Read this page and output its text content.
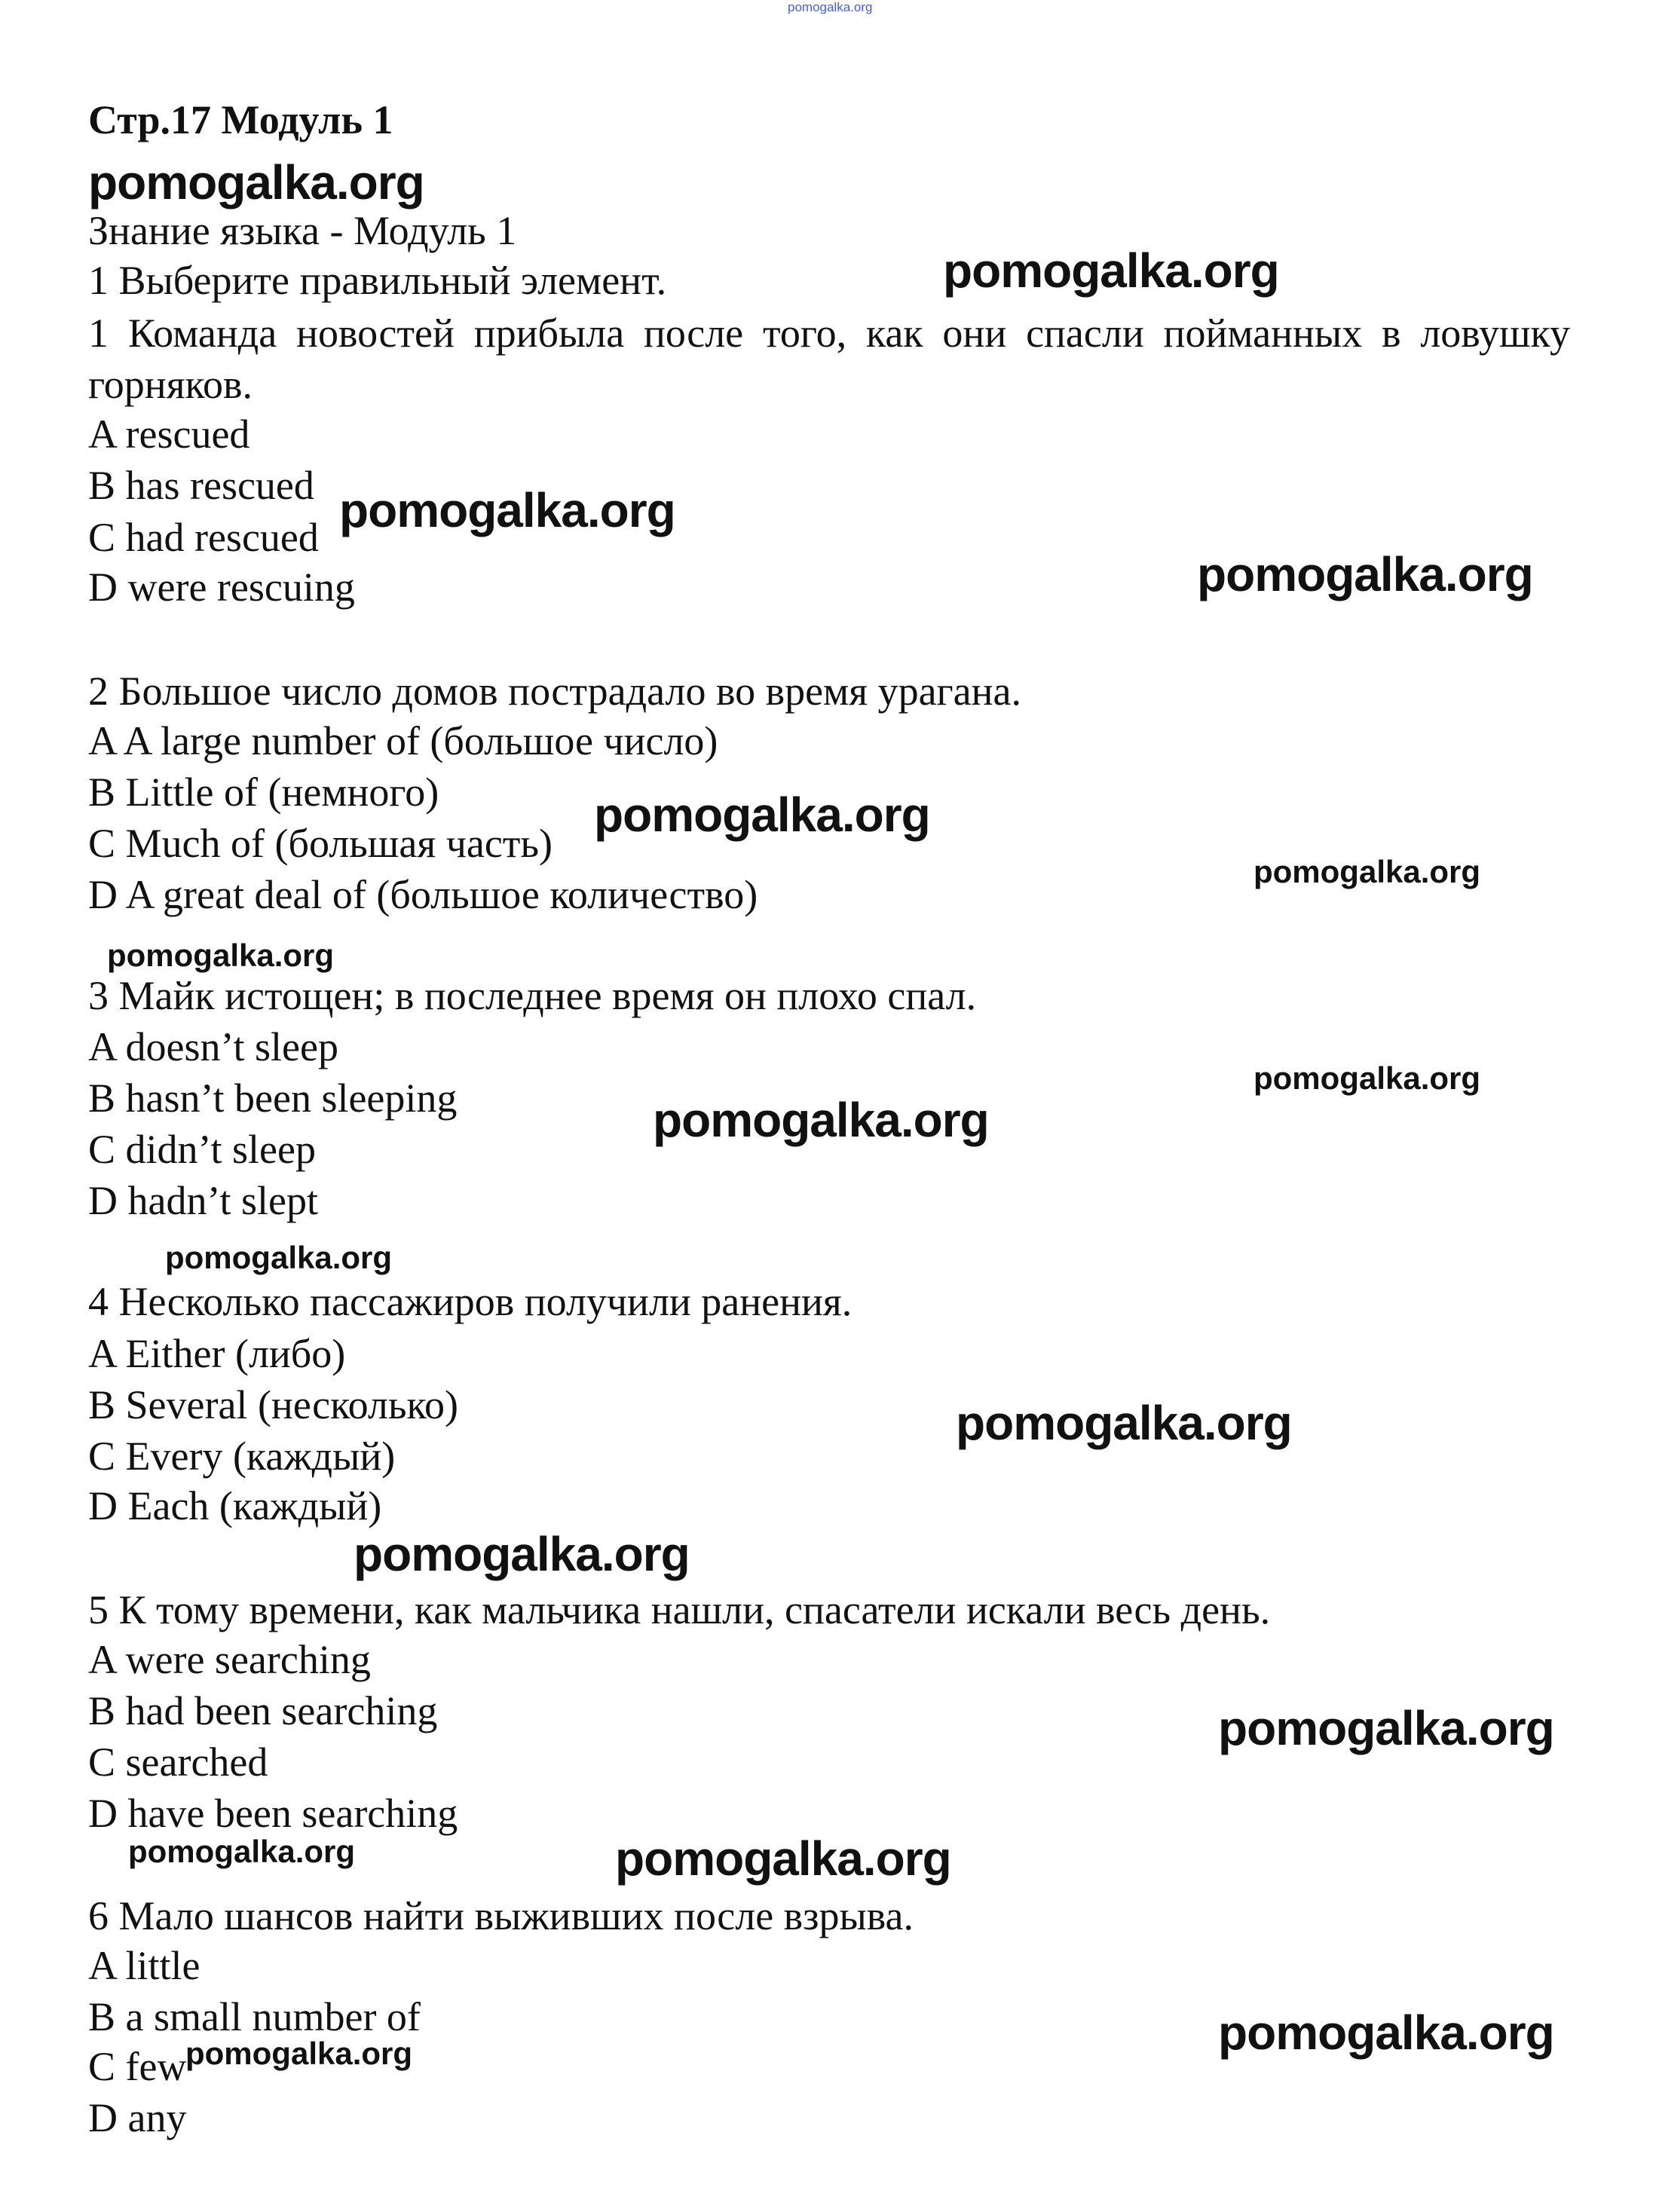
pomogalka.org
Стр.17 Модуль 1
Знание языка - Модуль 1
1 Выберите правильный элемент.
1 Команда новостей прибыла после того, как они спасли пойманных в ловушку горняков.
A rescued
B has rescued
C had rescued
D were rescuing
2 Большое число домов пострадало во время урагана.
A A large number of (большое число)
B Little of (немного)
C Much of (большая часть)
D A great deal of (большое количество)
3 Майк истощен; в последнее время он плохо спал.
A doesn’t sleep
B hasn’t been sleeping
C didn’t sleep
D hadn’t slept
4 Несколько пассажиров получили ранения.
A Either (либо)
B Several (несколько)
C Every (каждый)
D Each (каждый)
5 К тому времени, как мальчика нашли, спасатели искали весь день.
A were searching
B had been searching
C searched
D have been searching
6 Мало шансов найти выживших после взрыва.
A little
B a small number of
C few
D any
pomogalka.org
pomogalka.org
pomogalka.org
pomogalka.org
pomogalka.org
pomogalka.org
pomogalka.org
pomogalka.org
pomogalka.org
pomogalka.org
pomogalka.org
pomogalka.org
pomogalka.org
pomogalka.org
pomogalka.org
pomogalka.org
pomogalka.org
